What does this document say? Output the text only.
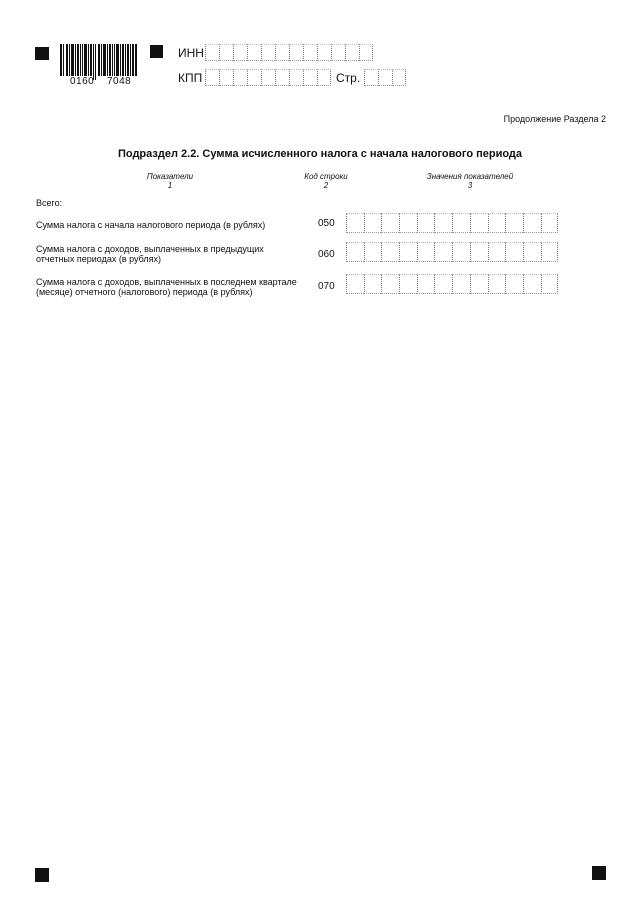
0160 7048
ИНН
КПП	Стр.
Продолжение Раздела 2
Подраздел 2.2. Сумма исчисленного налога с начала налогового периода
Показатели
1
Код строки
2
Значения показателей
3
Всего:
Сумма налога с начала налогового периода (в рублях)	050
Сумма налога с доходов, выплаченных в предыдущих отчетных периодах (в рублях)	060
Сумма налога с доходов, выплаченных в последнем квартале (месяце) отчетного (налогового) периода (в рублях)	070
